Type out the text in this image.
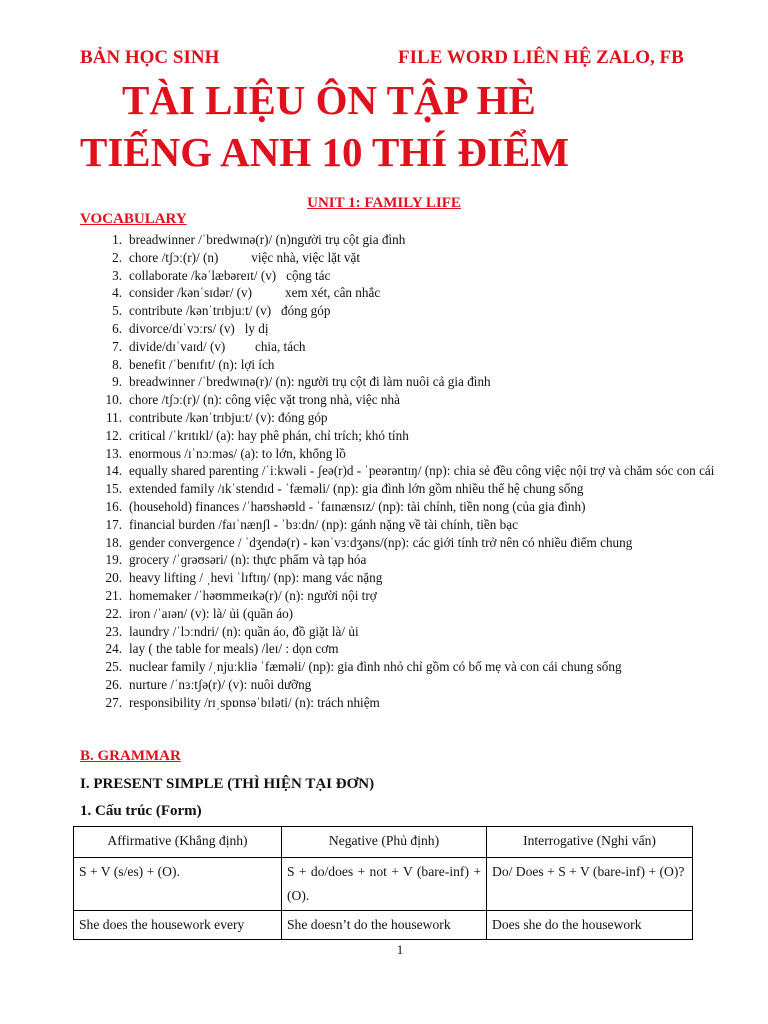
BẢN HỌC SINH	FILE WORD LIÊN HỆ ZALO, FB
TÀI LIỆU ÔN TẬP HÈ
TIẾNG ANH 10 THÍ ĐIỂM
UNIT 1: FAMILY LIFE
VOCABULARY
1. breadwinner /ˈbredwɪnə(r)/ (n)người trụ cột gia đình
2. chore /tʃɔː(r)/ (n)          việc nhà, việc lặt vặt
3. collaborate /kəˈlæbəreɪt/ (v)   cộng tác
4. consider /kənˈsɪdər/ (v)          xem xét, cân nhắc
5. contribute /kənˈtrɪbjuːt/ (v)   đóng góp
6. divorce/dɪˈvɔːrs/ (v)   ly dị
7. divide/dɪˈvaɪd/ (v)         chia, tách
8. benefit /ˈbenɪfɪt/ (n): lợi ích
9. breadwinner /ˈbredwɪnə(r)/ (n): người trụ cột đi làm nuôi cả gia đình
10. chore /tʃɔː(r)/ (n): công việc vặt trong nhà, việc nhà
11. contribute /kənˈtrɪbjuːt/ (v): đóng góp
12. critical /ˈkrɪtɪkl/ (a): hay phê phán, chỉ trích; khó tính
13. enormous /ɪˈnɔːməs/ (a): to lớn, khổng lồ
14. equally shared parenting /ˈiːkwəli - ʃeə(r)d - ˈpeərəntɪŋ/ (np): chia sẻ đều công việc nội trợ và chăm sóc con cái
15. extended family /ɪkˈstendɪd - ˈfæməli/ (np): gia đình lớn gồm nhiều thế hệ chung sống
16. (household) finances /ˈhaʊshəʊld - ˈfaɪnænsɪz/ (np): tài chính, tiền nong (của gia đình)
17. financial burden /faɪˈnænʃl - ˈbɜːdn/ (np): gánh nặng về tài chính, tiền bạc
18. gender convergence / ˈdʒendə(r) - kənˈvɜːdʒəns/(np): các giới tính trở nên có nhiều điểm chung
19. grocery /ˈɡrəʊsəri/ (n): thực phẩm và tạp hóa
20. heavy lifting / ˌhevi ˈlɪftɪŋ/ (np): mang vác nặng
21. homemaker /ˈhəʊmmeɪkə(r)/ (n): người nội trợ
22. iron /ˈaɪən/ (v): là/ ủi (quần áo)
23. laundry /ˈlɔːndri/ (n): quần áo, đồ giặt là/ ủi
24. lay ( the table for meals) /leɪ/ : dọn cơm
25. nuclear family /ˌnjuːkliə ˈfæməli/ (np): gia đình nhỏ chỉ gồm có bố mẹ và con cái chung sống
26. nurture /ˈnɜːtʃə(r)/ (v): nuôi dưỡng
27. responsibility /rɪˌspɒnsəˈbɪləti/ (n): trách nhiệm
B. GRAMMAR
I. PRESENT SIMPLE (THÌ HIỆN TẠI ĐƠN)
1. Cấu trúc (Form)
Affirmative (Khẳng định)	Negative (Phủ định)	Interrogative (Nghi vấn)
S + V (s/es) + (O).	S + do/does + not + V (bare-inf) + (O).	Do/ Does + S + V (bare-inf) + (O)?
She does the housework every	She doesn’t do the housework	Does she do the housework
1
